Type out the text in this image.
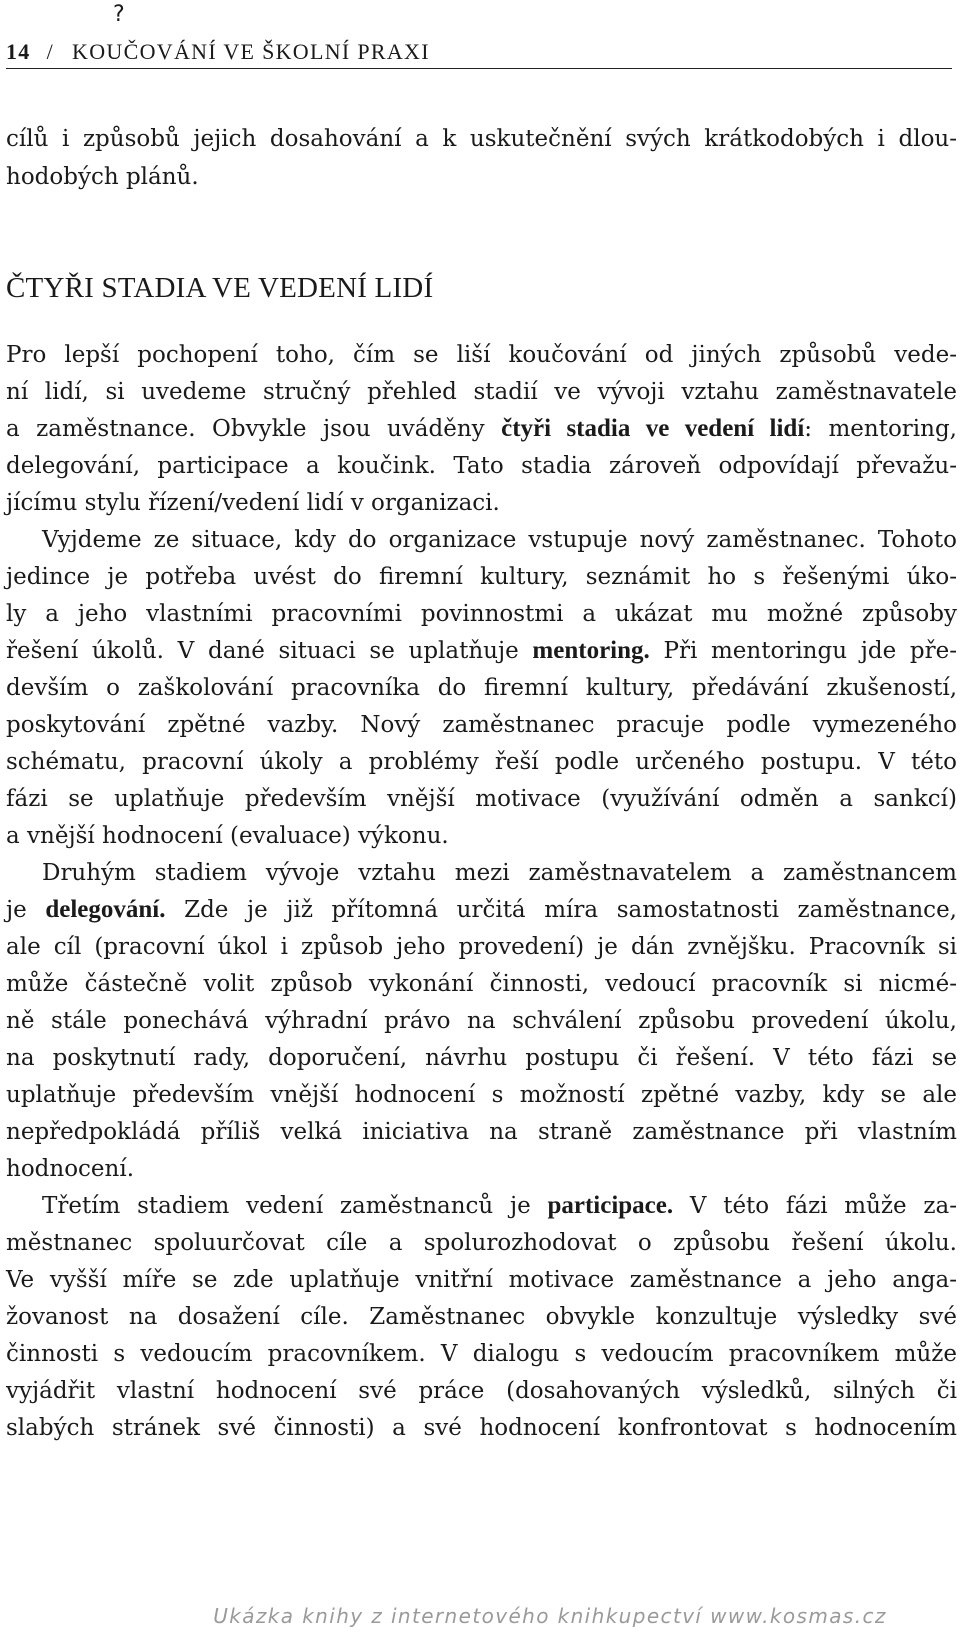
?
14 / KOUČOVÁNÍ VE ŠKOLNÍ PRAXI
cílů i způsobů jejich dosahování a k uskutečnění svých krátkodobých i dlou-
hodobých plánů.
Pro lepší pochopení toho, čím se liší koučování od jiných způsobů vede-
ní lidí, si uvedeme stručný přehled stadií ve vývoji vztahu zaměstnavatele
a zaměstnance. Obvykle jsou uváděny čtyři stadia ve vedení lidí: mentoring,
delegování, participace a koučink. Tato stadia zároveň odpovídají převažu-
jícímu stylu řízení/vedení lidí v organizaci.
Vyjdeme ze situace, kdy do organizace vstupuje nový zaměstnanec. Tohoto
jedince je potřeba uvést do firemní kultury, seznámit ho s řešenými úko-
ly a jeho vlastními pracovními povinnostmi a ukázat mu možné způsoby
řešení úkolů. V dané situaci se uplatňuje mentoring. Při mentoringu jde pře-
devším o zaškolování pracovníka do firemní kultury, předávání zkušeností,
poskytování zpětné vazby. Nový zaměstnanec pracuje podle vymezeného
schématu, pracovní úkoly a problémy řeší podle určeného postupu. V této
fázi se uplatňuje především vnější motivace (využívání odměn a sankcí)
a vnější hodnocení (evaluace) výkonu.
Druhým stadiem vývoje vztahu mezi zaměstnavatelem a zaměstnancem
je delegování. Zde je již přítomná určitá míra samostatnosti zaměstnance,
ale cíl (pracovní úkol i způsob jeho provedení) je dán zvnějšku. Pracovník si
může částečně volit způsob vykonání činnosti, vedoucí pracovník si nicmé-
ně stále ponechává výhradní právo na schválení způsobu provedení úkolu,
na poskytnutí rady, doporučení, návrhu postupu či řešení. V této fázi se
uplatňuje především vnější hodnocení s možností zpětné vazby, kdy se ale
nepředpokládá příliš velká iniciativa na straně zaměstnance při vlastním
hodnocení.
Třetím stadiem vedení zaměstnanců je participace. V této fázi může za-
městnanec spoluurčovat cíle a spolurozhodovat o způsobu řešení úkolu.
Ve vyšší míře se zde uplatňuje vnitřní motivace zaměstnance a jeho anga-
žovanost na dosažení cíle. Zaměstnanec obvykle konzultuje výsledky své
činnosti s vedoucím pracovníkem. V dialogu s vedoucím pracovníkem může
vyjádřit vlastní hodnocení své práce (dosahovaných výsledků, silných či
slabých stránek své činnosti) a své hodnocení konfrontovat s hodnocením
ČTYŘI STADIA VE VEDENÍ LIDÍ
Ukázka knihy z internetového knihkupectví www.kosmas.cz
